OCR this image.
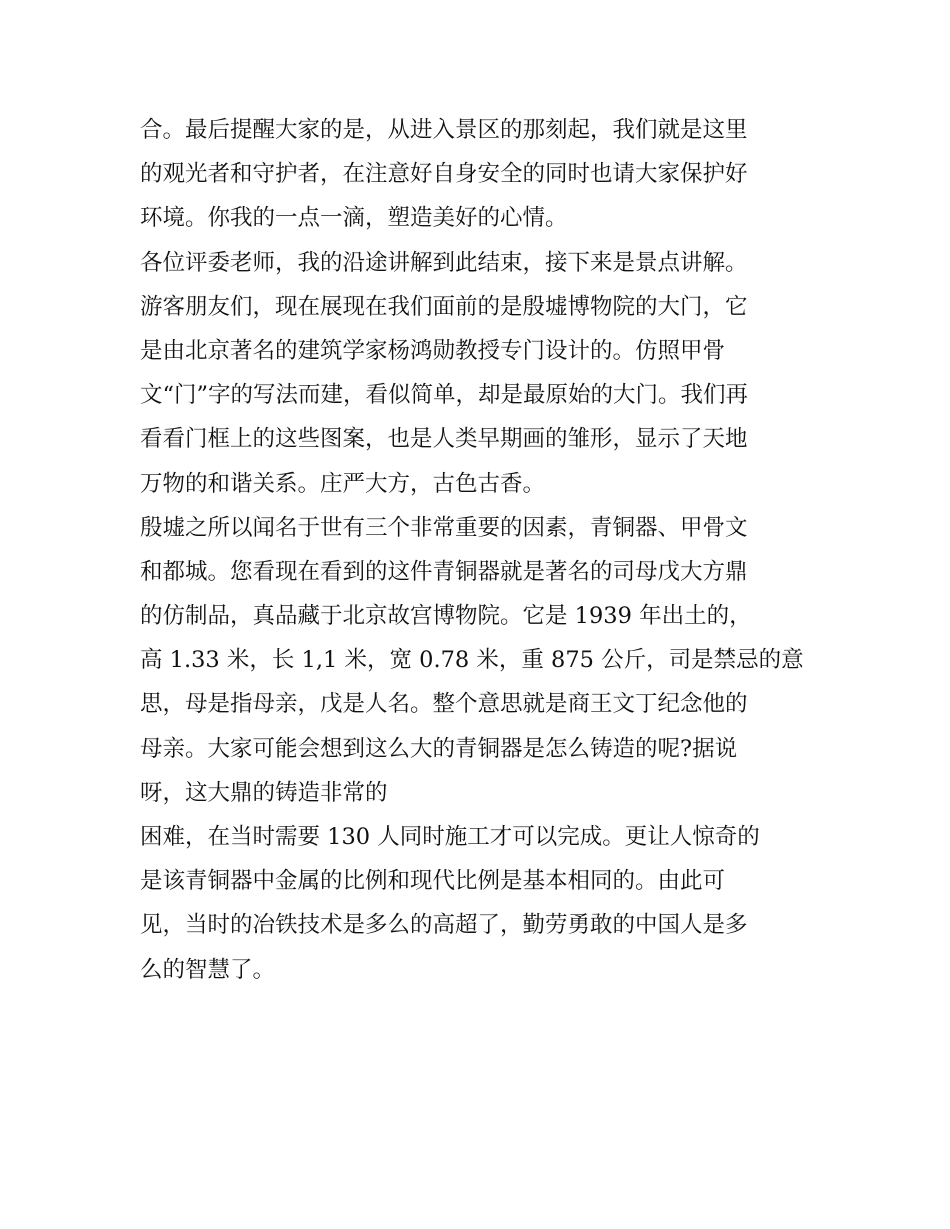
合。最后提醒大家的是，从进入景区的那刻起，我们就是这里
的观光者和守护者，在注意好自身安全的同时也请大家保护好
环境。你我的一点一滴，塑造美好的心情。
各位评委老师，我的沿途讲解到此结束，接下来是景点讲解。
游客朋友们，现在展现在我们面前的是殷墟博物院的大门，它
是由北京著名的建筑学家杨鸿勋教授专门设计的。仿照甲骨
文“门”字的写法而建，看似简单，却是最原始的大门。我们再
看看门框上的这些图案，也是人类早期画的雏形，显示了天地
万物的和谐关系。庄严大方，古色古香。
殷墟之所以闻名于世有三个非常重要的因素，青铜器、甲骨文
和都城。您看现在看到的这件青铜器就是著名的司母戊大方鼎
的仿制品，真品藏于北京故宫博物院。它是 1939 年出土的，
高 1.33 米，长 1,1 米，宽 0.78 米，重 875 公斤，司是禁忌的意
思，母是指母亲，戊是人名。整个意思就是商王文丁纪念他的
母亲。大家可能会想到这么大的青铜器是怎么铸造的呢?据说
呀，这大鼎的铸造非常的
困难，在当时需要 130 人同时施工才可以完成。更让人惊奇的
是该青铜器中金属的比例和现代比例是基本相同的。由此可
见，当时的冶铁技术是多么的高超了，勤劳勇敢的中国人是多
么的智慧了。
